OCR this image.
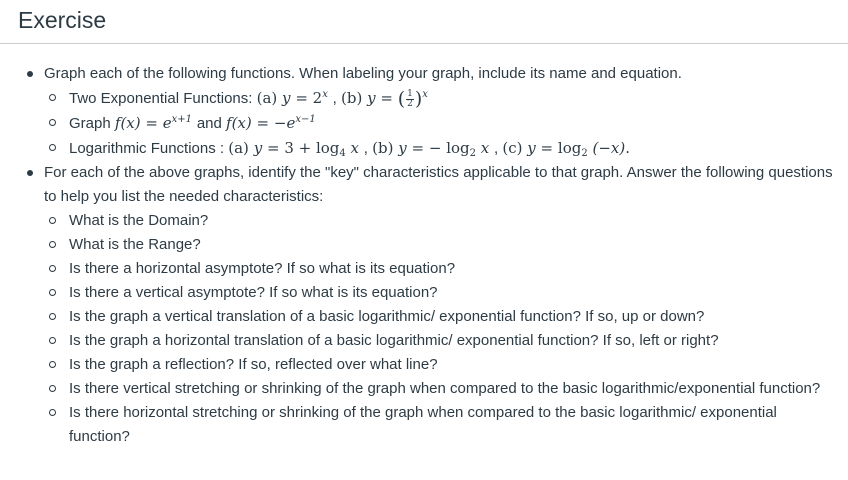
Exercise
Graph each of the following functions. When labeling your graph, include its name and equation.
Two Exponential Functions: (a) $y = 2^x$ , (b) y = ( $\frac{1}{2} )^x$
Graph $f(x) = e^{x+1}$ and $f(x) = -e^{x-1}$
Logarithmic Functions : (a) $y = 3 + \log_4 x$ , (b) y = − $\log_2 x$ , (c) $y = \log_2 (-x)$.
For each of the above graphs, identify the "key" characteristics applicable to that graph. Answer the following questions to help you list the needed characteristics:
What is the Domain?
What is the Range?
Is there a horizontal asymptote? If so what is its equation?
Is there a vertical asymptote? If so what is its equation?
Is the graph a vertical translation of a basic logarithmic/ exponential function? If so, up or down?
Is the graph a horizontal translation of a basic logarithmic/ exponential function? If so, left or right?
Is the graph a reflection? If so, reflected over what line?
Is there vertical stretching or shrinking of the graph when compared to the basic logarithmic/exponential function?
Is there horizontal stretching or shrinking of the graph when compared to the basic logarithmic/ exponential function?
